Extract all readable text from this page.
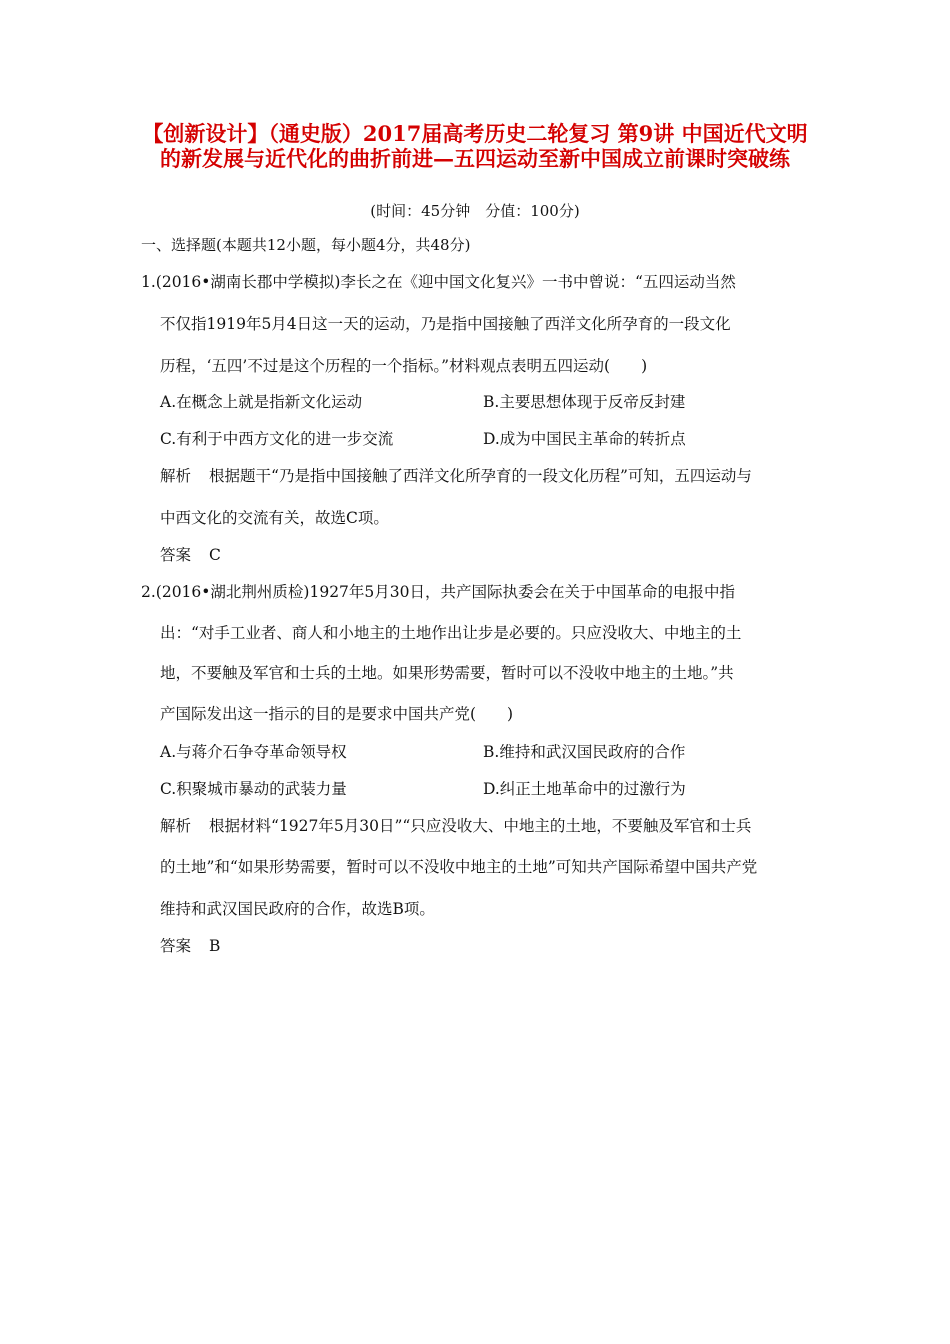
【创新设计】（通史版）2017届高考历史二轮复习 第9讲 中国近代文明的新发展与近代化的曲折前进—五四运动至新中国成立前课时突破练
(时间：45分钟　分值：100分)
一、选择题(本题共12小题，每小题4分，共48分)
1.(2016•湖南长郡中学模拟)李长之在《迎中国文化复兴》一书中曾说：“五四运动当然
不仅指1919年5月4日这一天的运动，乃是指中国接触了西洋文化所孕育的一段文化
历程，‘五四’不过是这个历程的一个指标。”材料观点表明五四运动(　　)
A.在概念上就是指新文化运动	B.主要思想体现于反帝反封建
C.有利于中西方文化的进一步交流	D.成为中国民主革命的转折点
解析 根据题干“乃是指中国接触了西洋文化所孕育的一段文化历程”可知，五四运动与
中西文化的交流有关，故选C项。
答案 C
2.(2016•湖北荆州质检)1927年5月30日，共产国际执委会在关于中国革命的电报中指
出：“对手工业者、商人和小地主的土地作出让步是必要的。只应没收大、中地主的土
地，不要触及军官和士兵的土地。如果形势需要，暂时可以不没收中地主的土地。”共
产国际发出这一指示的目的是要求中国共产党(　　)
A.与蒋介石争夺革命领导权	B.维持和武汉国民政府的合作
C.积聚城市暴动的武装力量	D.纠正土地革命中的过激行为
解析 根据材料“1927年5月30日”“只应没收大、中地主的土地，不要触及军官和士兵
的土地”和“如果形势需要，暂时可以不没收中地主的土地”可知共产国际希望中国共产党
维持和武汉国民政府的合作，故选B项。
答案 B
